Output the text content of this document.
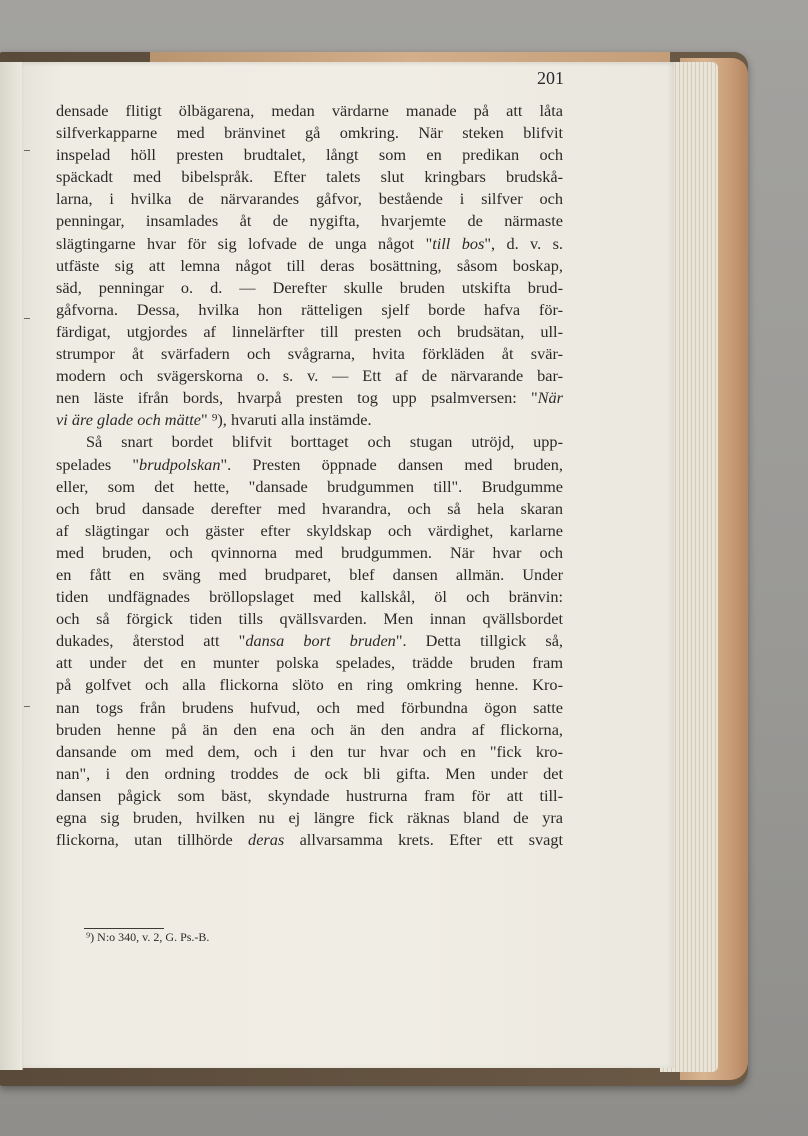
201
densade flitigt ölbägarena, medan värdarne manade på att låta
silfverkapparne med bränvinet gå omkring. När steken blifvit
inspelad höll presten brudtalet, långt som en predikan och
späckadt med bibelspråk. Efter talets slut kringbars brudskå-
larna, i hvilka de närvarandes gåfvor, bestående i silfver och
penningar, insamlades åt de nygifta, hvarjemte de närmaste
slägtingarne hvar för sig lofvade de unga något "till bos", d. v. s.
utfäste sig att lemna något till deras bosättning, såsom boskap,
säd, penningar o. d. — Derefter skulle bruden utskifta brud-
gåfvorna. Dessa, hvilka hon rätteligen sjelf borde hafva för-
färdigat, utgjordes af linnelärfter till presten och brudsätan, ull-
strumpor åt svärfadern och svågrarna, hvita förkläden åt svär-
modern och svägerskorna o. s. v. — Ett af de närvarande bar-
nen läste ifrån bords, hvarpå presten tog upp psalmversen: "När
vi äre glade och mätte" ⁹), hvaruti alla instämde.
Så snart bordet blifvit borttaget och stugan utröjd, upp-
spelades "brudpolskan". Presten öppnade dansen med bruden,
eller, som det hette, "dansade brudgummen till". Brudgumme
och brud dansade derefter med hvarandra, och så hela skaran
af slägtingar och gäster efter skyldskap och värdighet, karlarne
med bruden, och qvinnorna med brudgummen. När hvar och
en fått en sväng med brudparet, blef dansen allmän. Under
tiden undfägnades bröllopslaget med kallskål, öl och bränvin:
och så förgick tiden tills qvällsvarden. Men innan qvällsbordet
dukades, återstod att "dansa bort bruden". Detta tillgick så,
att under det en munter polska spelades, trädde bruden fram
på golfvet och alla flickorna slöto en ring omkring henne. Kro-
nan togs från brudens hufvud, och med förbundna ögon satte
bruden henne på än den ena och än den andra af flickorna,
dansande om med dem, och i den tur hvar och en "fick kro-
nan", i den ordning troddes de ock bli gifta. Men under det
dansen pågick som bäst, skyndade hustrurna fram för att till-
egna sig bruden, hvilken nu ej längre fick räknas bland de yra
flickorna, utan tillhörde deras allvarsamma krets. Efter ett svagt
⁹) N:o 340, v. 2, G. Ps.-B.
